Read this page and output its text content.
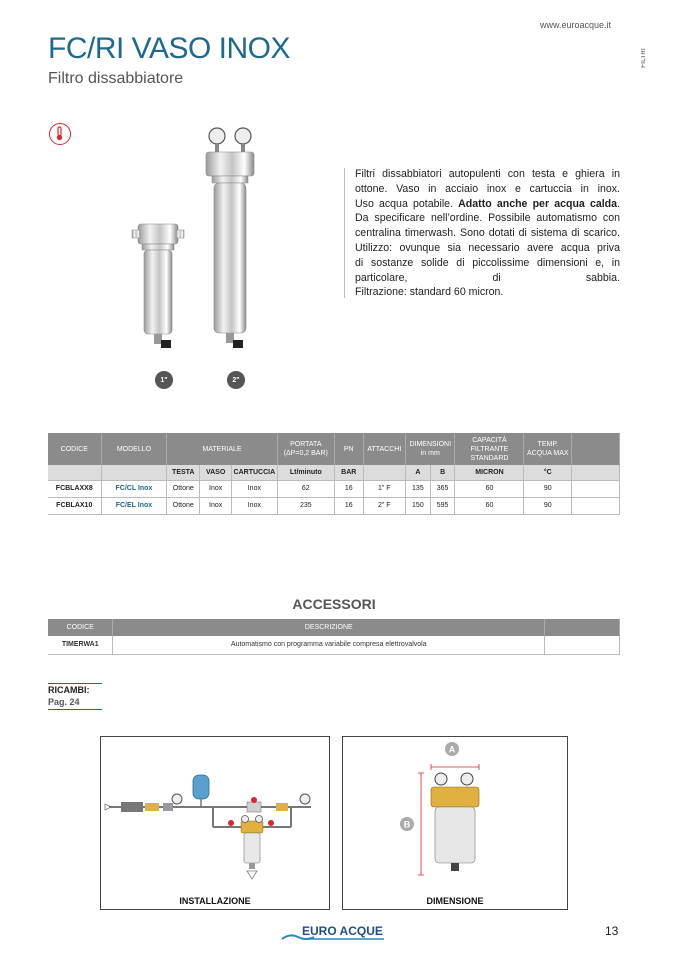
www.euroacque.it
FILTRI
FC/RI VASO INOX
Filtro dissabbiatore
1"	2"
Filtri dissabbiatori autopulenti con testa e ghiera in
ottone. Vaso in acciaio inox e cartuccia in inox.
Uso acqua potabile. Adatto anche per acqua calda.
Da specificare nell’ordine. Possibile automatismo con
centralina timerwash. Sono dotati di sistema di scarico.
Utilizzo: ovunque sia necessario avere acqua priva
di sostanze solide di piccolissime dimensioni e, in
particolare, di sabbia.
Filtrazione: standard 60 micron.
CODICE	MODELLO	MATERIALE			PORTATA
(ΔP=0,2 BAR)	PN	ATTACCHI	DIMENSIONI
in mm		CAPACITÀ
FILTRANTE
STANDARD	TEMP.
ACQUA MAX	
		TESTA	VASO	CARTUCCIA	Lt/minuto	BAR		A	B	MICRON	°C	
FCBLAXX8	FC/CL Inox	Ottone	Inox	Inox	62	16	1" F	135	365	60	90	
FCBLAX10	FC/EL Inox	Ottone	Inox	Inox	235	16	2" F	150	595	60	90	
ACCESSORI
CODICE	DESCRIZIONE	
TIMERWA1	Automatismo con programma variabile compresa elettrovalvola	
RICAMBI:
Pag. 24
INSTALLAZIONE
A
B
DIMENSIONE
EURO ACQUE	13
